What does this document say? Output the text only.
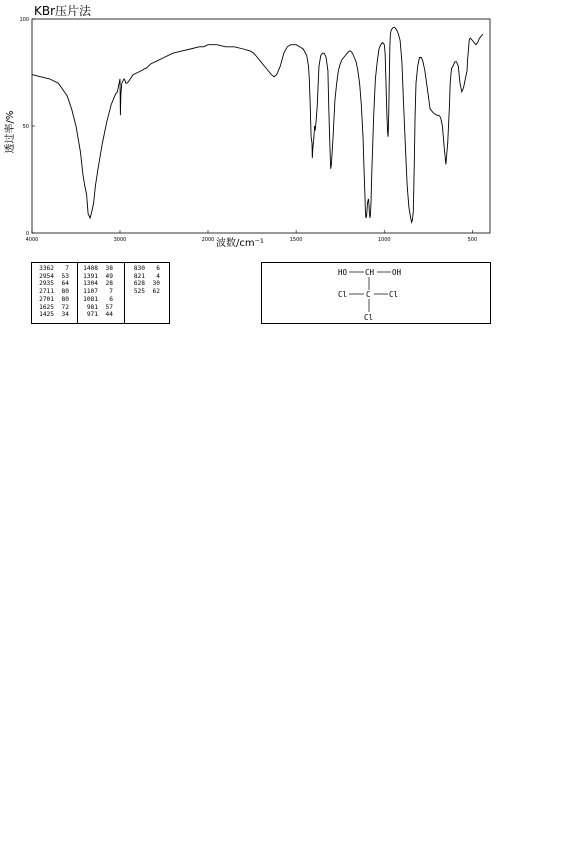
KBr压片法
4000	3000	2000	1500	1000	500
100
50
0
波数/cm⁻¹
透过率/%
3362	7
2954	53
2935	64
2711	80
2701	80
1625	72
1425	34
1408	38
1391	49
1304	28
1107	7
1081	6
981	57
971	44
830	6
821	4
628	30
525	62
HO CH OH
Cl	C Cl
Cl
